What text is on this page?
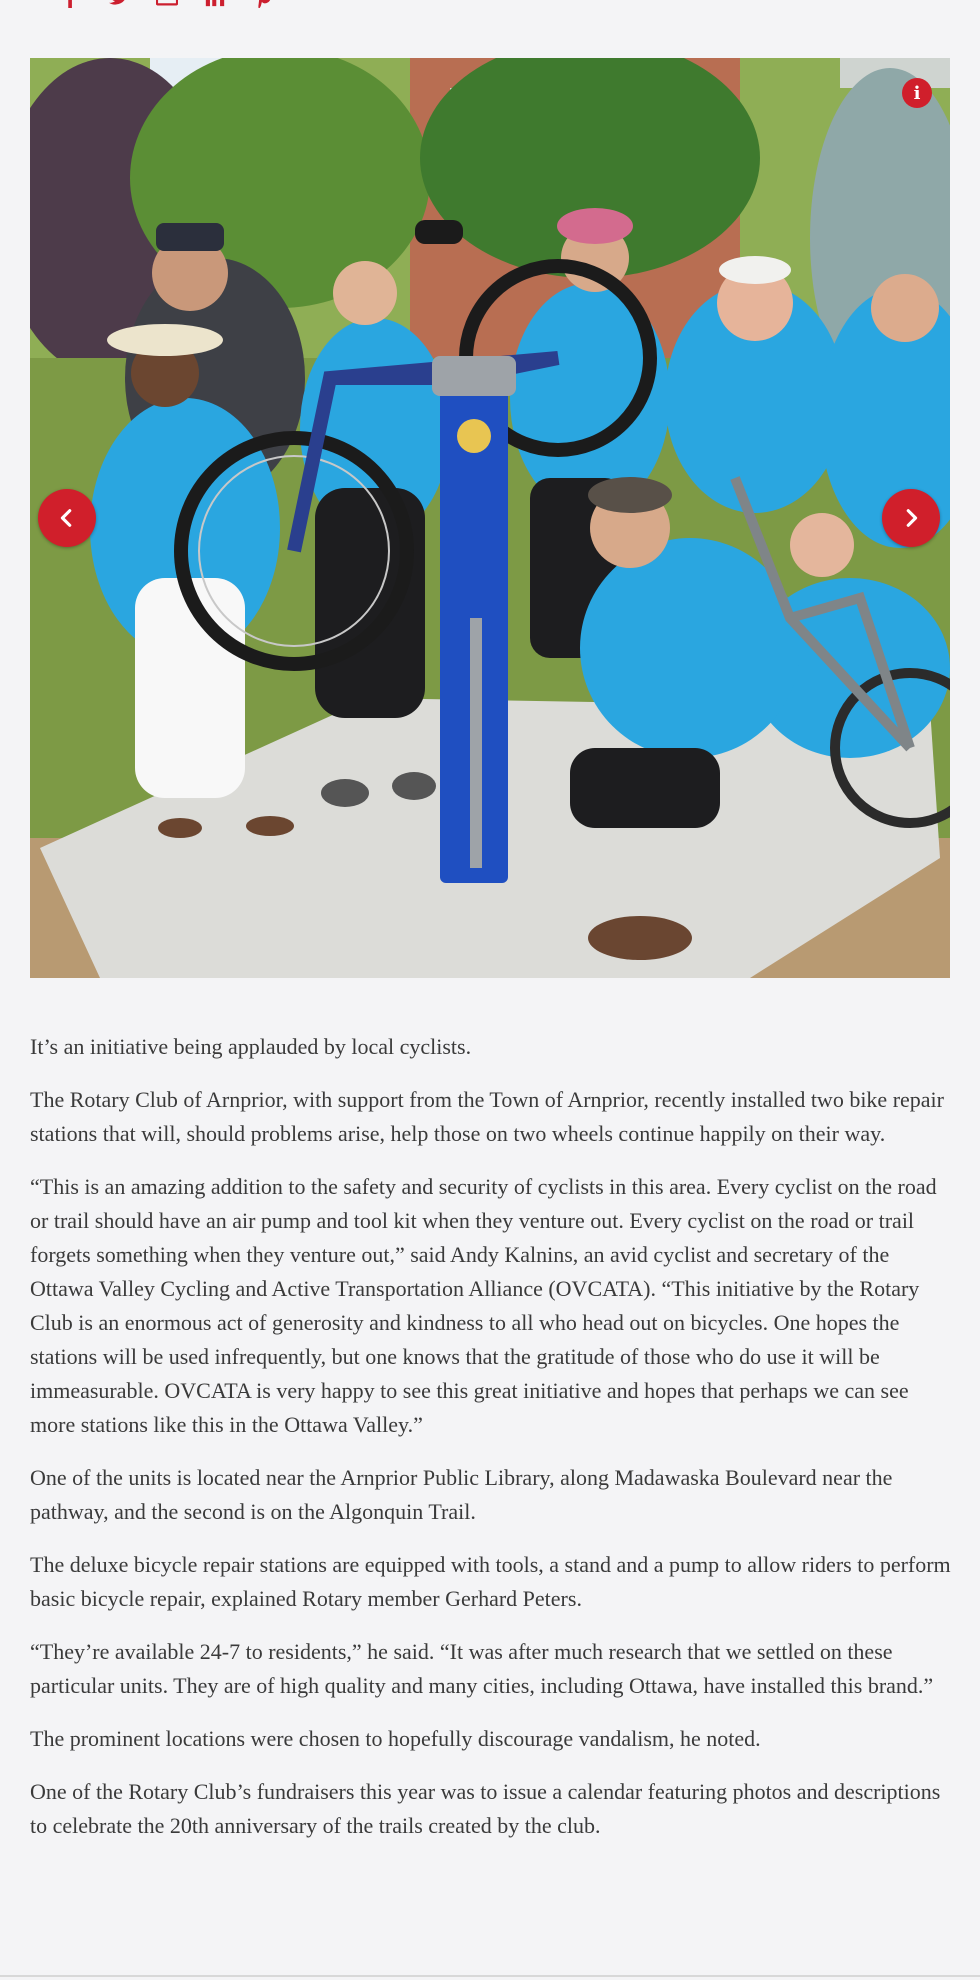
i

It’s an initiative being applauded by local cyclists.

The Rotary Club of Arnprior, with support from the Town of Arnprior, recently installed two bike repair stations that will, should problems arise, help those on two wheels continue happily on their way.

“This is an amazing addition to the safety and security of cyclists in this area. Every cyclist on the road or trail should have an air pump and tool kit when they venture out. Every cyclist on the road or trail forgets something when they venture out,” said Andy Kalnins, an avid cyclist and secretary of the Ottawa Valley Cycling and Active Transportation Alliance (OVCATA). “This initiative by the Rotary Club is an enormous act of generosity and kindness to all who head out on bicycles. One hopes the stations will be used infrequently, but one knows that the gratitude of those who do use it will be immeasurable. OVCATA is very happy to see this great initiative and hopes that perhaps we can see more stations like this in the Ottawa Valley.”

One of the units is located near the Arnprior Public Library, along Madawaska Boulevard near the pathway, and the second is on the Algonquin Trail.

The deluxe bicycle repair stations are equipped with tools, a stand and a pump to allow riders to perform basic bicycle repair, explained Rotary member Gerhard Peters.

“They’re available 24-7 to residents,” he said. “It was after much research that we settled on these particular units. They are of high quality and many cities, including Ottawa, have installed this brand.”

The prominent locations were chosen to hopefully discourage vandalism, he noted.

One of the Rotary Club’s fundraisers this year was to issue a calendar featuring photos and descriptions to celebrate the 20th anniversary of the trails created by the club.
